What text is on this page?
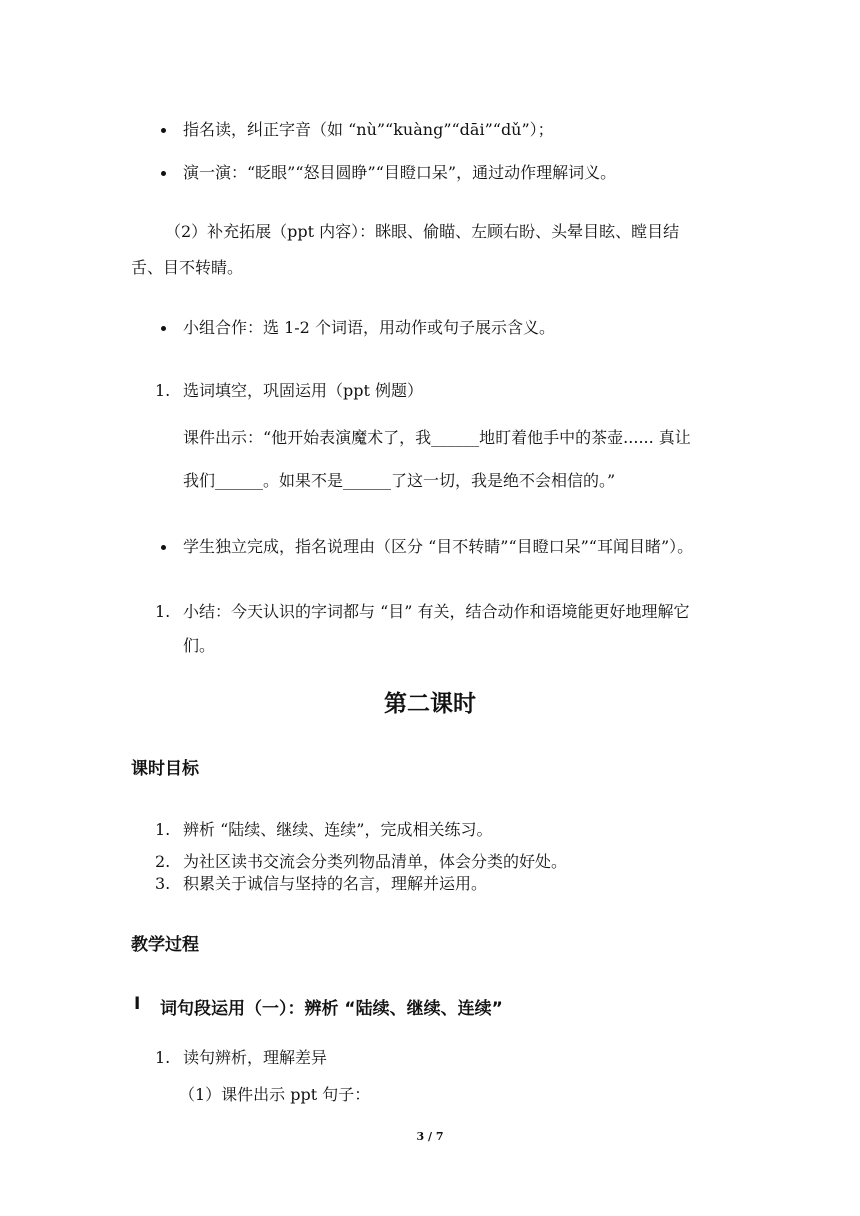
指名读，纠正字音（如 “nù”“kuàng”“dāi”“dǔ”）；
演一演：“眨眼”“怒目圆睁”“目瞪口呆”，通过动作理解词义。
（2）补充拓展（ppt 内容）：眯眼、偷瞄、左顾右盼、头晕目眩、瞠目结
舌、目不转睛。
小组合作：选 1-2 个词语，用动作或句子展示含义。
1. 选词填空，巩固运用（ppt 例题）
课件出示：“他开始表演魔术了，我______地盯着他手中的茶壶...... 真让
我们______。如果不是______了这一切，我是绝不会相信的。”
学生独立完成，指名说理由（区分 “目不转睛”“目瞪口呆”“耳闻目睹”）。
1. 小结：今天认识的字词都与 “目” 有关，结合动作和语境能更好地理解它
们。
第二课时
课时目标
1. 辨析 “陆续、继续、连续”，完成相关练习。
2. 为社区读书交流会分类列物品清单，体会分类的好处。
3. 积累关于诚信与坚持的名言，理解并运用。
教学过程
Ⅰ 词句段运用（一）：辨析 “陆续、继续、连续”
1. 读句辨析，理解差异
（1）课件出示 ppt 句子：
3 / 7
